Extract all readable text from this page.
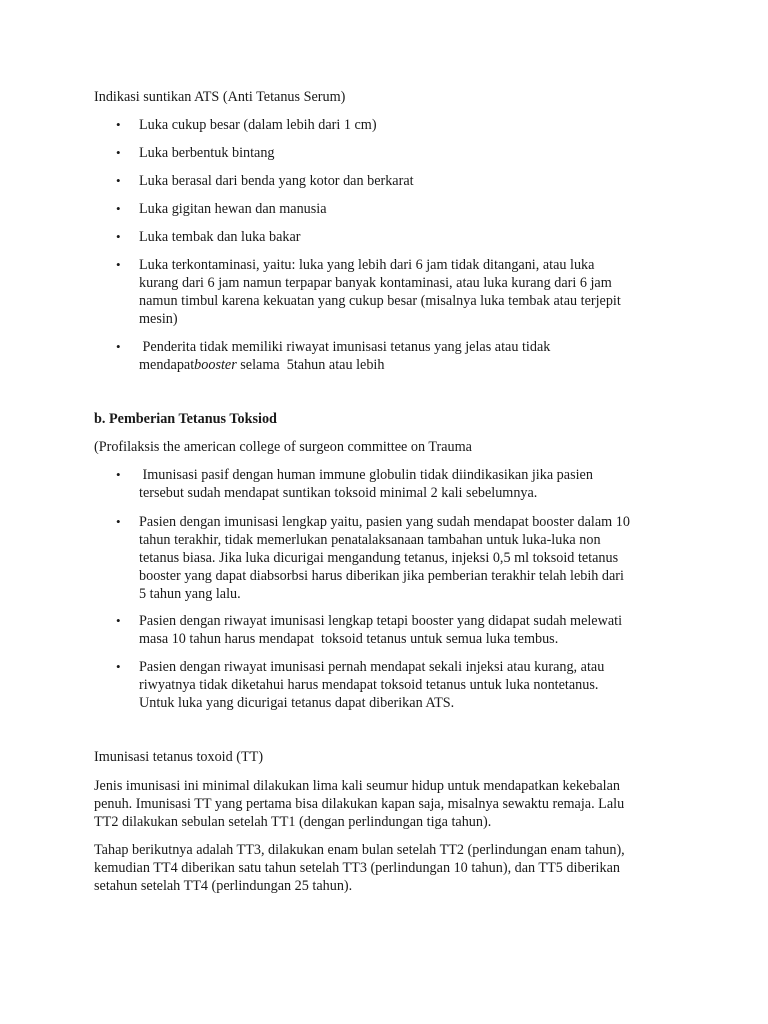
Indikasi suntikan ATS (Anti Tetanus Serum)
• Luka cukup besar (dalam lebih dari 1 cm)
• Luka berbentuk bintang
• Luka berasal dari benda yang kotor dan berkarat
• Luka gigitan hewan dan manusia
• Luka tembak dan luka bakar
• Luka terkontaminasi, yaitu: luka yang lebih dari 6 jam tidak ditangani, atau luka
kurang dari 6 jam namun terpapar banyak kontaminasi, atau luka kurang dari 6 jam
namun timbul karena kekuatan yang cukup besar (misalnya luka tembak atau terjepit
mesin)
• Penderita tidak memiliki riwayat imunisasi tetanus yang jelas atau tidak
mendapatbooster selama  5tahun atau lebih
b. Pemberian Tetanus Toksiod
(Profilaksis the american college of surgeon committee on Trauma
• Imunisasi pasif dengan human immune globulin tidak diindikasikan jika pasien
tersebut sudah mendapat suntikan toksoid minimal 2 kali sebelumnya.
• Pasien dengan imunisasi lengkap yaitu, pasien yang sudah mendapat booster dalam 10
tahun terakhir, tidak memerlukan penatalaksanaan tambahan untuk luka-luka non
tetanus biasa. Jika luka dicurigai mengandung tetanus, injeksi 0,5 ml toksoid tetanus
booster yang dapat diabsorbsi harus diberikan jika pemberian terakhir telah lebih dari
5 tahun yang lalu.
• Pasien dengan riwayat imunisasi lengkap tetapi booster yang didapat sudah melewati
masa 10 tahun harus mendapat  toksoid tetanus untuk semua luka tembus.
• Pasien dengan riwayat imunisasi pernah mendapat sekali injeksi atau kurang, atau
riwyatnya tidak diketahui harus mendapat toksoid tetanus untuk luka nontetanus.
Untuk luka yang dicurigai tetanus dapat diberikan ATS.
Imunisasi tetanus toxoid (TT)
Jenis imunisasi ini minimal dilakukan lima kali seumur hidup untuk mendapatkan kekebalan
penuh. Imunisasi TT yang pertama bisa dilakukan kapan saja, misalnya sewaktu remaja. Lalu
TT2 dilakukan sebulan setelah TT1 (dengan perlindungan tiga tahun).
Tahap berikutnya adalah TT3, dilakukan enam bulan setelah TT2 (perlindungan enam tahun),
kemudian TT4 diberikan satu tahun setelah TT3 (perlindungan 10 tahun), dan TT5 diberikan
setahun setelah TT4 (perlindungan 25 tahun).
